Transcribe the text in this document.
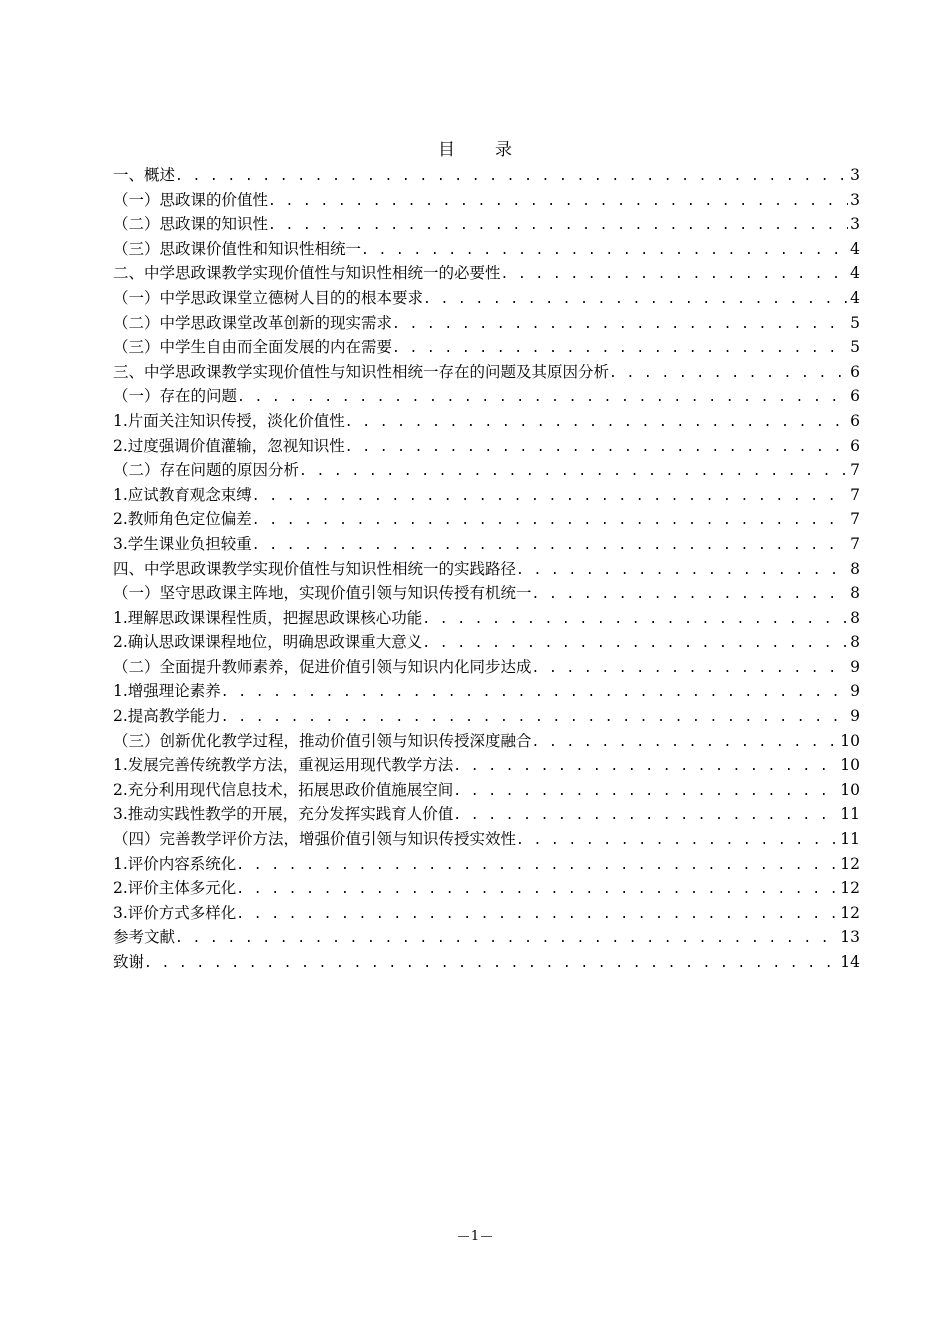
目 录
一、概述 . . .	3
（一）思政课的价值性 . . .	3
（二）思政课的知识性 . . .	3
（三）思政课价值性和知识性相统一 . . .	4
二、中学思政课教学实现价值性与知识性相统一的必要性 . . .	4
（一）中学思政课堂立德树人目的的根本要求 . . .	4
（二）中学思政课堂改革创新的现实需求 . . .	5
（三）中学生自由而全面发展的内在需要 . . .	5
三、中学思政课教学实现价值性与知识性相统一存在的问题及其原因分析 . . .	6
（一）存在的问题 . . .	6
1.片面关注知识传授，淡化价值性 . . .	6
2.过度强调价值灌输，忽视知识性 . . .	6
（二）存在问题的原因分析 . . .	7
1.应试教育观念束缚 . . .	7
2.教师角色定位偏差 . . .	7
3.学生课业负担较重 . . .	7
四、中学思政课教学实现价值性与知识性相统一的实践路径 . . .	8
（一）坚守思政课主阵地，实现价值引领与知识传授有机统一 . . .	8
1.理解思政课课程性质，把握思政课核心功能 . . .	8
2.确认思政课课程地位，明确思政课重大意义 . . .	8
（二）全面提升教师素养，促进价值引领与知识内化同步达成 . . .	9
1.增强理论素养 . . .	9
2.提高教学能力 . . .	9
（三）创新优化教学过程，推动价值引领与知识传授深度融合 . . .	10
1.发展完善传统教学方法，重视运用现代教学方法 . . .	10
2.充分利用现代信息技术，拓展思政价值施展空间 . . .	10
3.推动实践性教学的开展，充分发挥实践育人价值 . . .	11
（四）完善教学评价方法，增强价值引领与知识传授实效性 . . .	11
1.评价内容系统化 . . .	12
2.评价主体多元化 . . .	12
3.评价方式多样化 . . .	12
参考文献 . . .	13
致谢 . . .	14
1
